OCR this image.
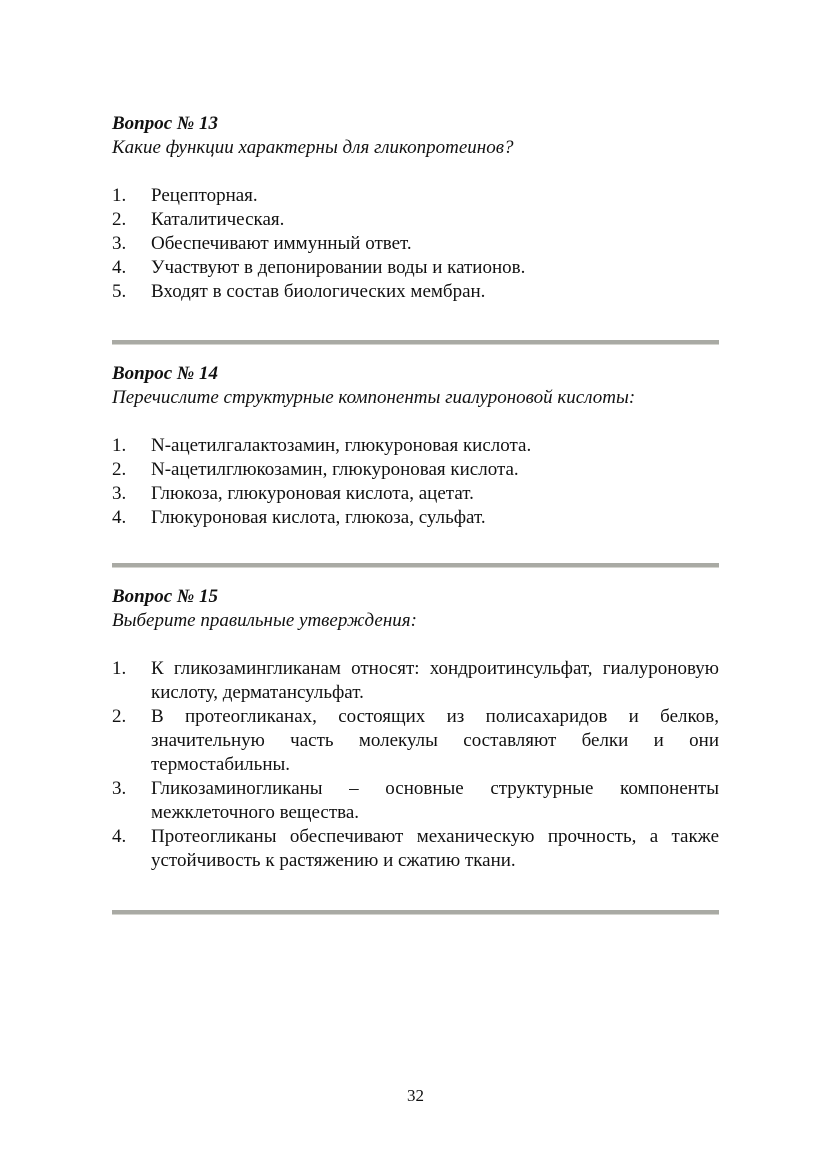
Вопрос № 13

Какие функции характерны для гликопротеинов?

1. Рецепторная.
2. Каталитическая.
3. Обеспечивают иммунный ответ.
4. Участвуют в депонировании воды и катионов.
5. Входят в состав биологических мембран.

Вопрос № 14

Перечислите структурные компоненты гиалуроновой кислоты:

1. N-ацетилгалактозамин, глюкуроновая кислота.
2. N-ацетилглюкозамин, глюкуроновая кислота.
3. Глюкоза, глюкуроновая кислота, ацетат.
4. Глюкуроновая кислота, глюкоза, сульфат.

Вопрос № 15

Выберите правильные утверждения:

1. К гликозамингликанам относят: хондроитинсульфат, гиалуроновую кислоту, дерматансульфат.
2. В протеогликанах, состоящих из полисахаридов и белков, значительную часть молекулы составляют белки и они термостабильны.
3. Гликозаминогликаны – основные структурные компоненты межклеточного вещества.
4. Протеогликаны обеспечивают механическую прочность, а также устойчивость к растяжению и сжатию ткани.
32
